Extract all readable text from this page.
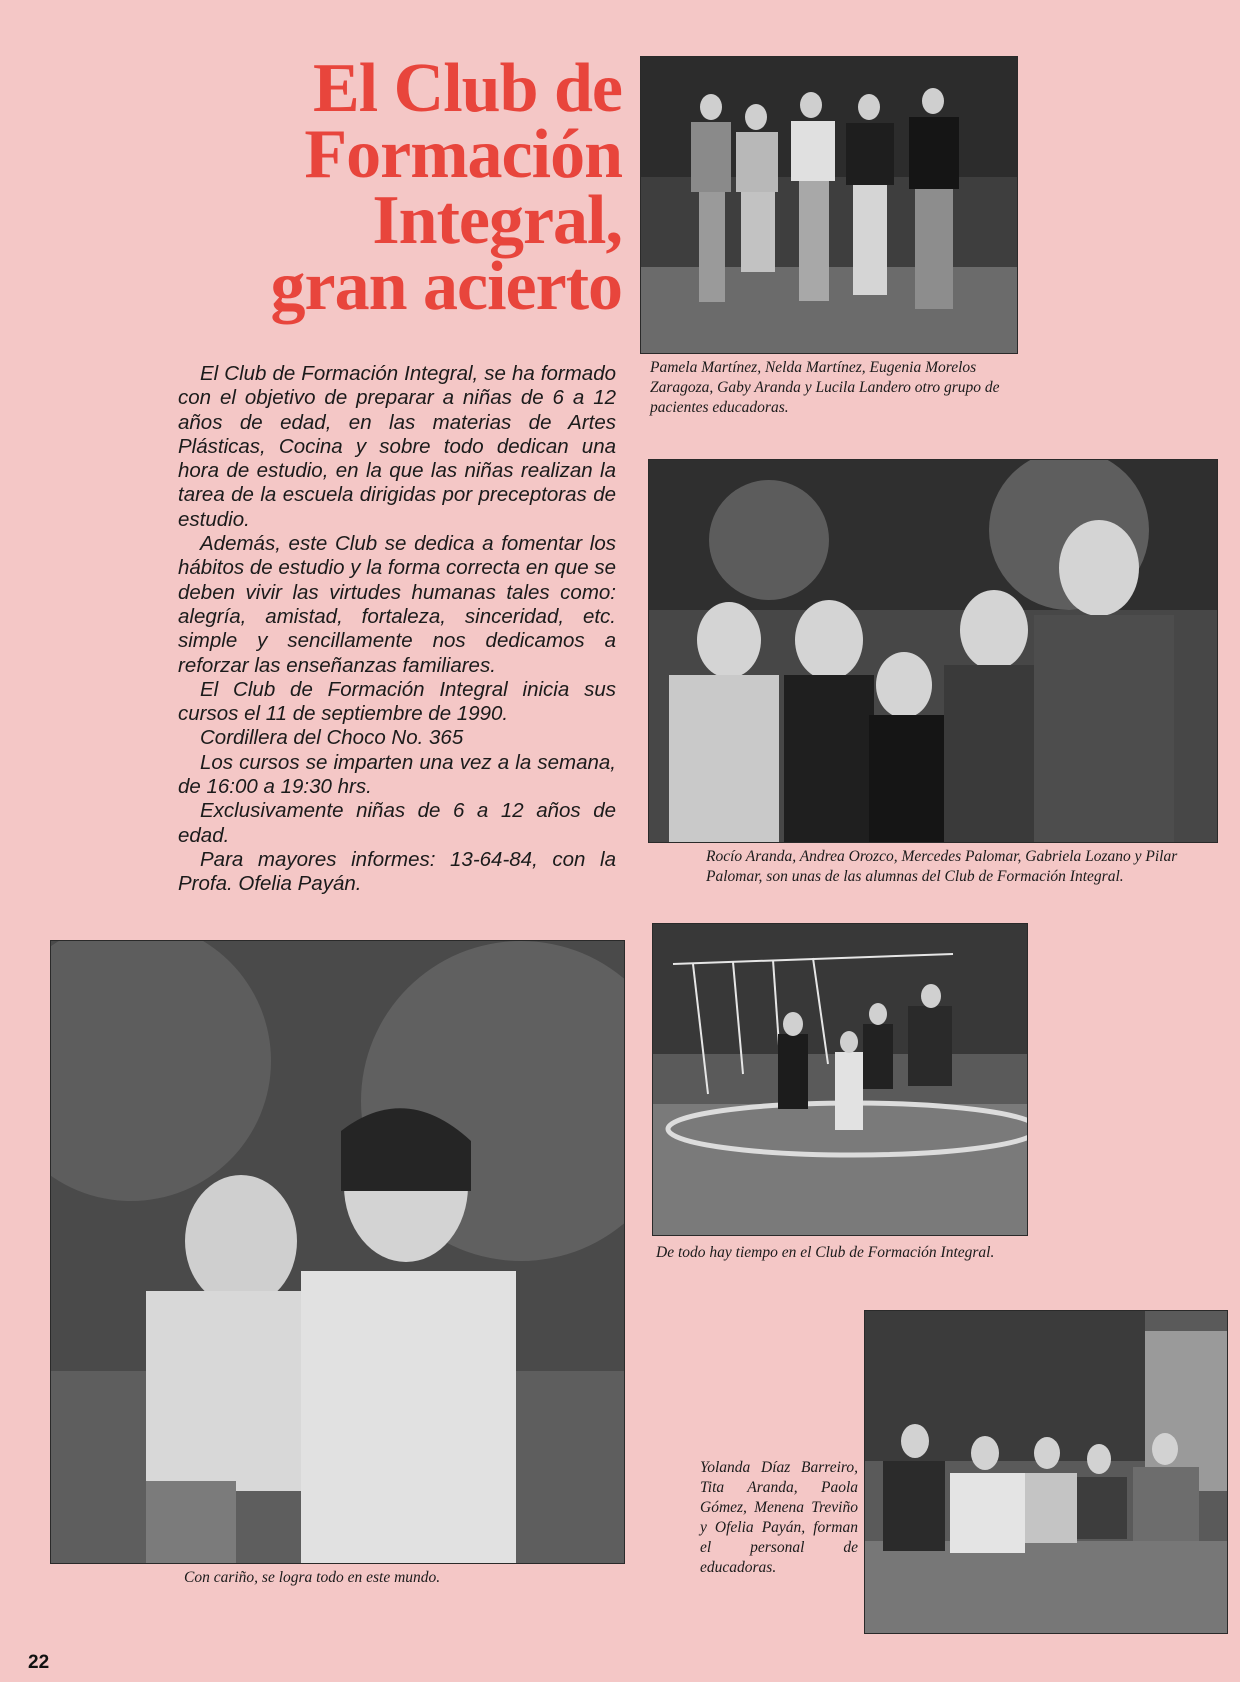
El Club de
Formación
Integral,
gran acierto

El Club de Formación Integral, se ha formado con el objetivo de preparar a niñas de 6 a 12 años de edad, en las materias de Artes Plásticas, Cocina y sobre todo dedican una hora de estudio, en la que las niñas realizan la tarea de la escuela dirigidas por preceptoras de estudio.

Además, este Club se dedica a fomentar los hábitos de estudio y la forma correcta en que se deben vivir las virtudes humanas tales como: alegría, amistad, fortaleza, sinceridad, etc. simple y sencillamente nos dedicamos a reforzar las enseñanzas familiares.

El Club de Formación Integral inicia sus cursos el 11 de septiembre de 1990.

Cordillera del Choco No. 365

Los cursos se imparten una vez a la semana, de 16:00 a 19:30 hrs.

Exclusivamente niñas de 6 a 12 años de edad.

Para mayores informes: 13-64-84, con la Profa. Ofelia Payán.

Pamela Martínez, Nelda Martínez, Eugenia Morelos Zaragoza, Gaby Aranda y Lucila Landero otro grupo de pacientes educadoras.

Rocío Aranda, Andrea Orozco, Mercedes Palomar, Gabriela Lozano y Pilar Palomar, son unas de las alumnas del Club de Formación Integral.

De todo hay tiempo en el Club de Formación Integral.

Con cariño, se logra todo en este mundo.

Yolanda Díaz Barreiro, Tita Aranda, Paola Gómez, Menena Treviño y Ofelia Payán, forman el personal de educadoras.

22
